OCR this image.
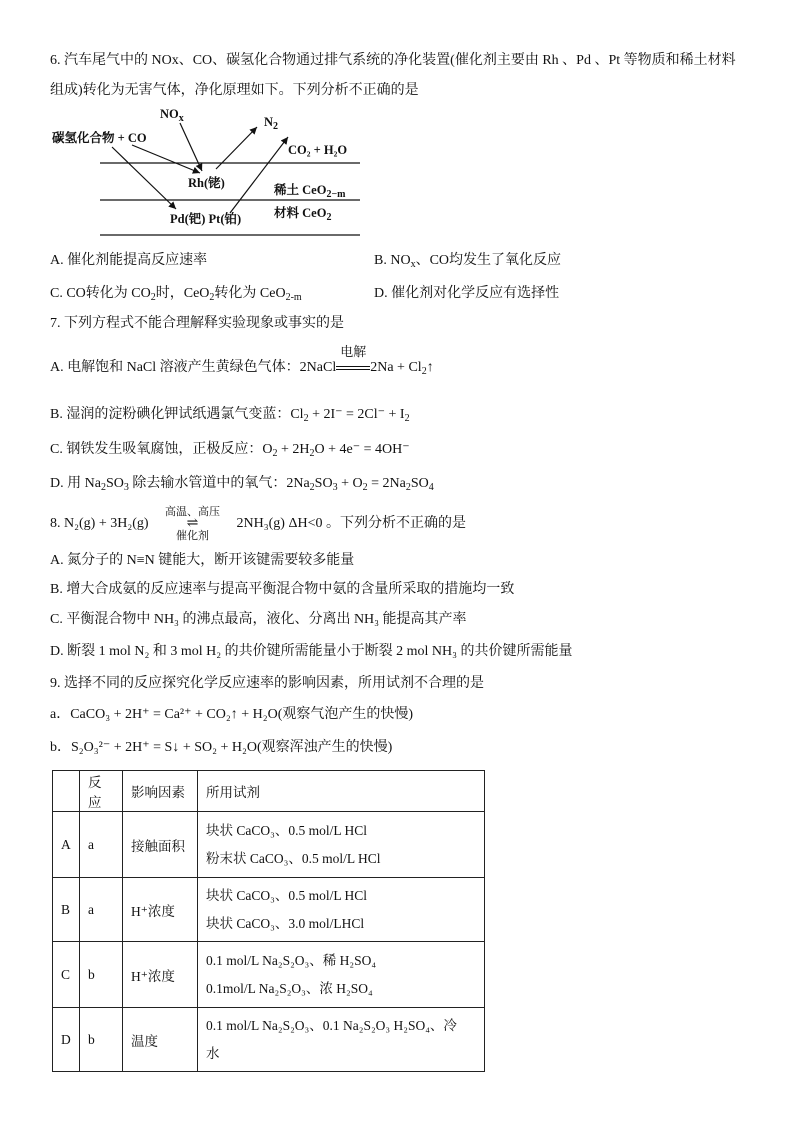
6. 汽车尾气中的 NOx、CO、碳氢化合物通过排气系统的净化装置(催化剂主要由 Rh 、Pd 、Pt 等物质和稀土材料
组成)转化为无害气体，净化原理如下。下列分析不正确的是
$NO_x$
碳氢化合物 + CO
$N_2$
CO₂ + H₂O
Rh(铑)	稀土 CeO$_{2-m}$
材料 CeO$_2$
Pd(钯) Pt(铂)
A. 催化剂能提高反应速率	B. $NO_x$、CO均发生了氧化反应
C. CO转化为 $CO_2$时，CeO$_2$转化为 CeO$_{2-m}$	D. 催化剂对化学反应有选择性
7. 下列方程式不能合理解释实验现象或事实的是
A. 电解饱和 NaCl 溶液产生黄绿色气体：2NaCl
电解
$2Na + Cl_2↑$
B. 湿润的淀粉碘化钾试纸遇氯气变蓝：$Cl_2 + 2I^- = 2Cl^- + I_2$
C. 钢铁发生吸氧腐蚀，正极反应：$O_2 + 2H_2O + 4e^- = 4OH^-$
D. 用 $Na_2SO_3$ 除去输水管道中的氧气：$2Na_2SO_3 + O_2 = 2Na_2SO_4$
8. N₂(g) + 3H₂(g)
高温、高压
⇌
催化剂
2NH₃(g) ΔH<0 。下列分析不正确的是
A. 氮分子的 N≡N 键能大，断开该键需要较多能量
B. 增大合成氨的反应速率与提高平衡混合物中氨的含量所采取的措施均一致
C. 平衡混合物中 NH₃ 的沸点最高，液化、分离出 NH₃ 能提高其产率
D. 断裂 1 mol N₂ 和 3 mol H₂ 的共价键所需能量小于断裂 2 mol NH₃ 的共价键所需能量
9. 选择不同的反应探究化学反应速率的影响因素，所用试剂不合理的是
a．CaCO₃ + 2H⁺ = Ca²⁺ + CO₂↑ + H₂O(观察气泡产生的快慢)
b．S₂O₃²⁻ + 2H⁺ = S↓ + SO₂ + H₂O(观察浑浊产生的快慢)
	反应	影响因素	所用试剂
A	a	接触面积	块状 CaCO₃、0.5 mol/L HCl
粉末状 CaCO₃、0.5 mol/L HCl

B	a	H⁺浓度	块状 CaCO₃、0.5 mol/L HCl
块状 CaCO₃、3.0 mol/LHCl

C	b	H⁺浓度	0.1 mol/L Na₂S₂O₃、稀 H₂SO₄
0.1mol/L Na₂S₂O₃、浓 H₂SO₄

D	b	温度	0.1 mol/L Na₂S₂O₃、0.1 Na₂S₂O₃ H₂SO₄、冷
水
